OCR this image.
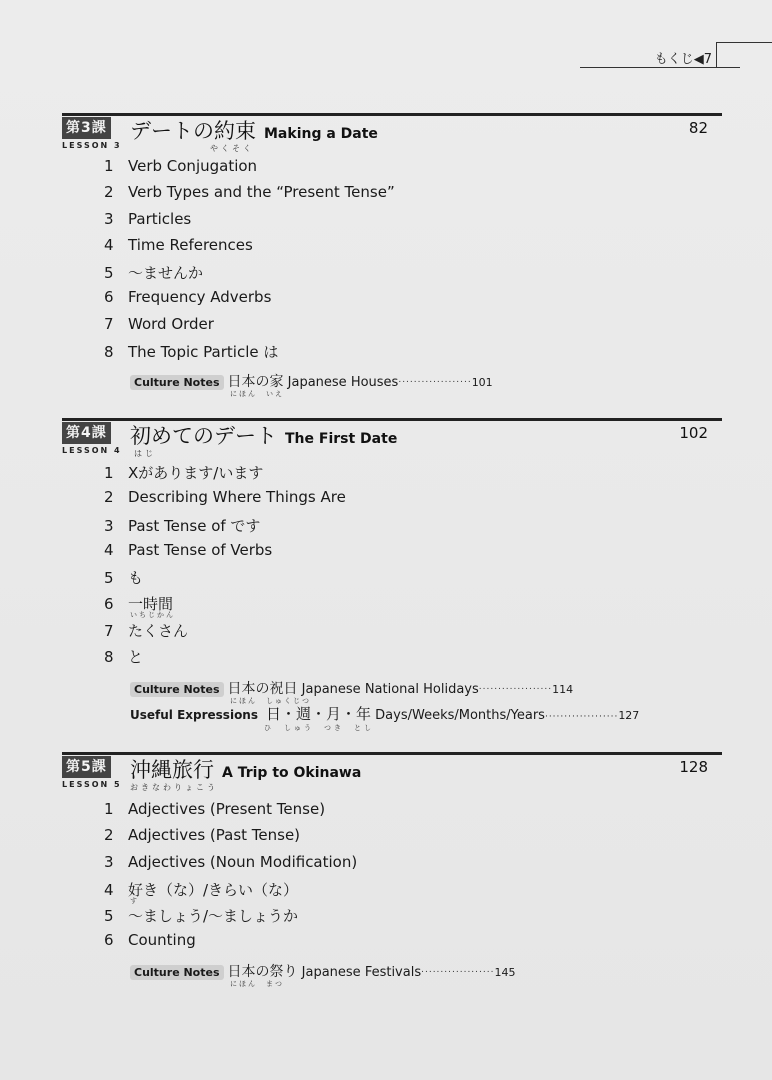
もくじ◀7
第3課
LESSON 3
デートの約束 Making a Date
やくそく
82
1 Verb Conjugation
2 Verb Types and the “Present Tense”
3 Particles
4 Time References
5 〜ませんか
6 Frequency Adverbs
7 Word Order
8 The Topic Particle は
Culture Notes 日本の家 Japanese Houses···················101
にほん　いえ
第4課
LESSON 4
初めてのデート The First Date
はじ
102
1 Xがあります/います
2 Describing Where Things Are
3 Past Tense of です
4 Past Tense of Verbs
5 も
6 一時間
いちじかん
7 たくさん
8 と
Culture Notes 日本の祝日 Japanese National Holidays···················114
にほん　しゅくじつ
Useful Expressions 日・週・月・年 Days/Weeks/Months/Years···················127
ひ　しゅう　つき　とし
第5課
LESSON 5
沖縄旅行 A Trip to Okinawa
おきなわりょこう
128
1 Adjectives (Present Tense)
2 Adjectives (Past Tense)
3 Adjectives (Noun Modification)
4 好き（な）/きらい（な）
す
5 〜ましょう/〜ましょうか
6 Counting
Culture Notes 日本の祭り Japanese Festivals···················145
にほん　まつ
